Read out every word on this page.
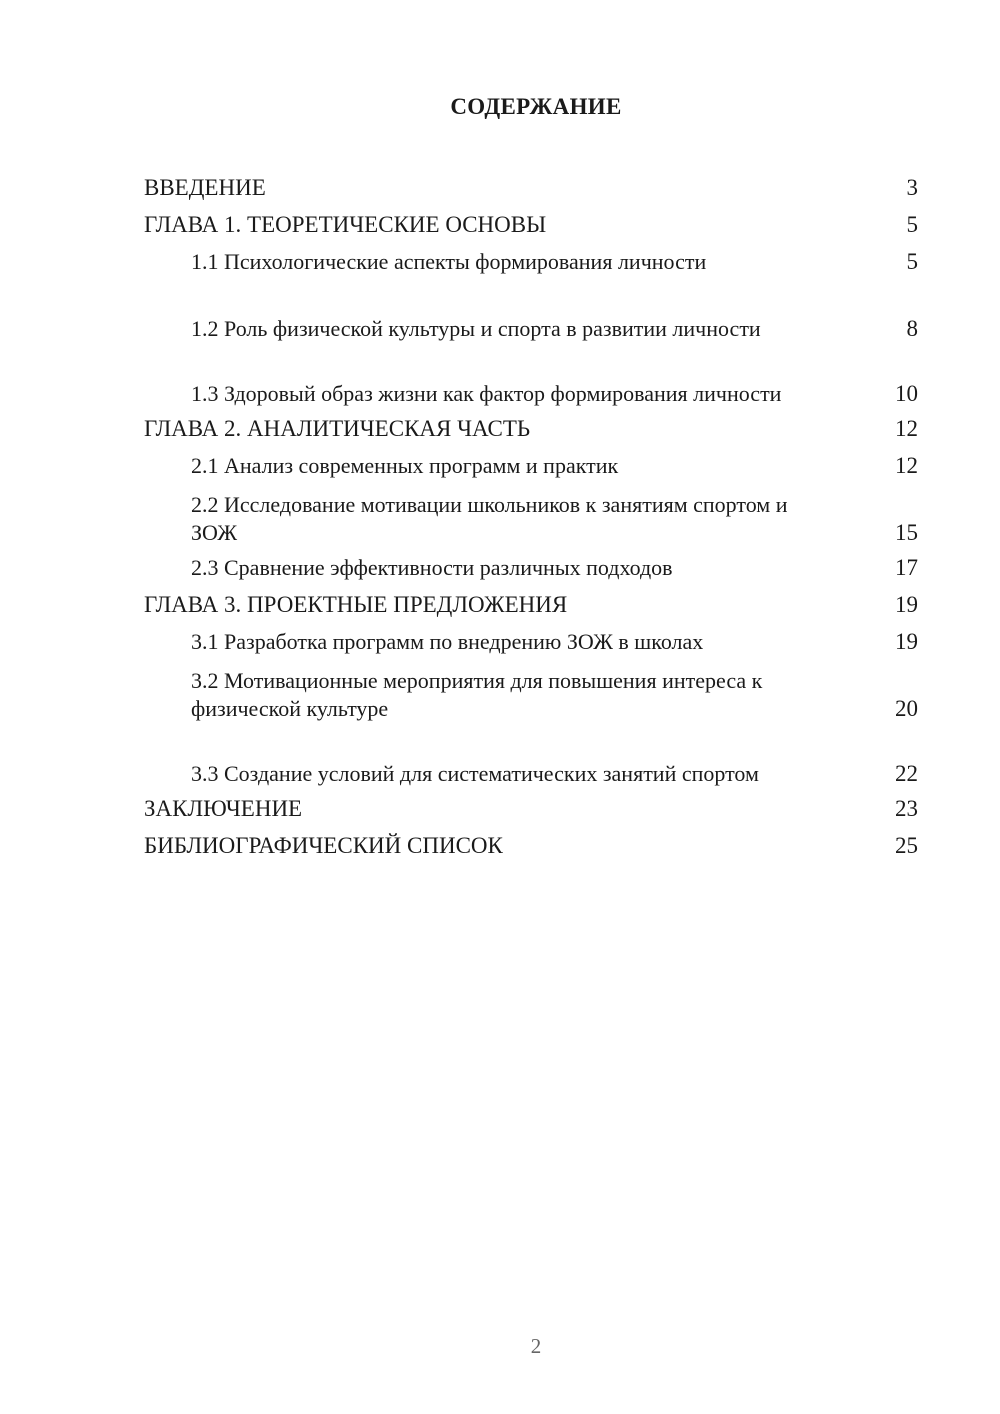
СОДЕРЖАНИЕ
ВВЕДЕНИЕ	3
ГЛАВА 1. ТЕОРЕТИЧЕСКИЕ ОСНОВЫ	5
1.1 Психологические аспекты формирования личности	5
1.2 Роль физической культуры и спорта в развитии личности	8
1.3 Здоровый образ жизни как фактор формирования личности	10
ГЛАВА 2. АНАЛИТИЧЕСКАЯ ЧАСТЬ	12
2.1 Анализ современных программ и практик	12
2.2 Исследование мотивации школьников к занятиям спортом и ЗОЖ	15
2.3 Сравнение эффективности различных подходов	17
ГЛАВА 3. ПРОЕКТНЫЕ ПРЕДЛОЖЕНИЯ	19
3.1 Разработка программ по внедрению ЗОЖ в школах	19
3.2 Мотивационные мероприятия для повышения интереса к физической культуре	20
3.3 Создание условий для систематических занятий спортом	22
ЗАКЛЮЧЕНИЕ	23
БИБЛИОГРАФИЧЕСКИЙ СПИСОК	25
2
